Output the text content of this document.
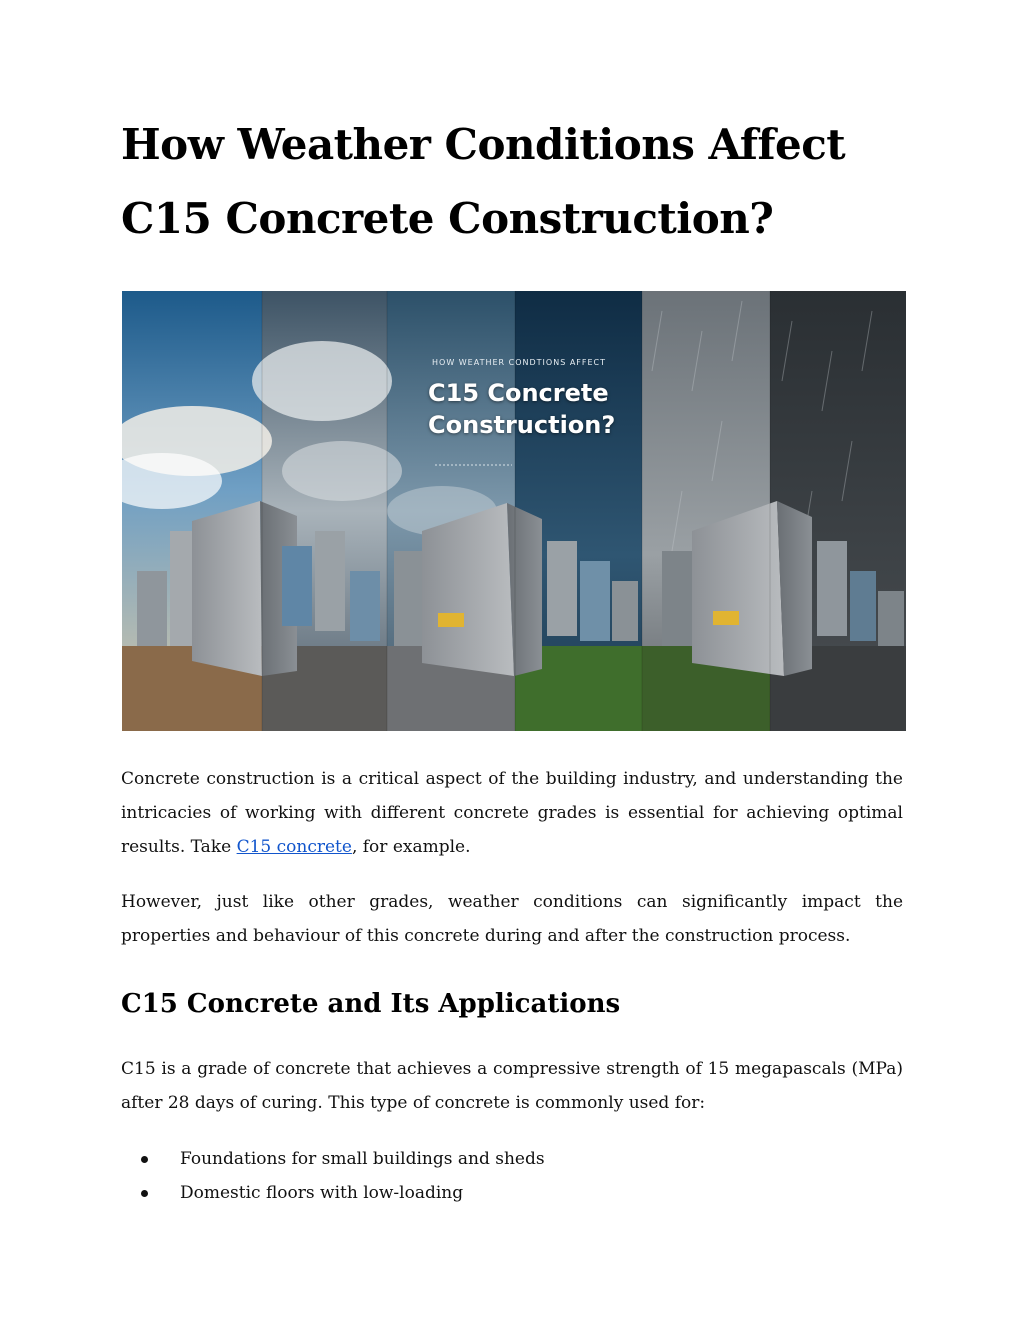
How Weather Conditions Affect
C15 Concrete Construction?
HOW WEATHER CONDTIONS AFFECT
C15 Concrete
Construction?

Concrete construction is a critical aspect of the building industry, and understanding the intricacies of working with different concrete grades is essential for achieving optimal results. Take C15 concrete, for example.

However, just like other grades, weather conditions can significantly impact the properties and behaviour of this concrete during and after the construction process.

C15 Concrete and Its Applications

C15 is a grade of concrete that achieves a compressive strength of 15 megapascals (MPa) after 28 days of curing. This type of concrete is commonly used for:

Foundations for small buildings and sheds
Domestic floors with low-loading
